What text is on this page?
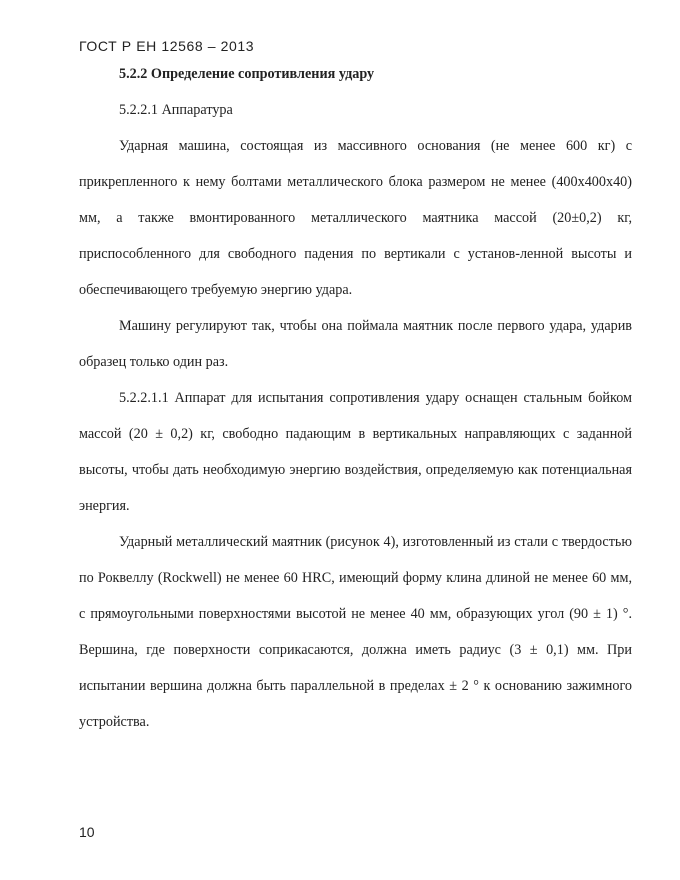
ГОСТ Р ЕН 12568 – 2013

5.2.2 Определение сопротивления удару

5.2.2.1 Аппаратура

Ударная машина, состоящая из массивного основания (не менее 600 кг) с прикрепленного к нему болтами металлического блока размером не менее (400х400х40) мм, а также вмонтированного металлического маятника массой (20±0,2) кг, приспособленного для свободного падения по вертикали с установ-ленной высоты и обеспечивающего требуемую энергию удара.

Машину регулируют так, чтобы она поймала маятник после первого удара, ударив образец только один раз.

5.2.2.1.1 Аппарат для испытания сопротивления удару оснащен стальным бойком массой (20 ± 0,2) кг, свободно падающим в вертикальных направляющих с заданной высоты, чтобы дать необходимую энергию воздействия, определяемую как потенциальная энергия.

Ударный металлический маятник (рисунок 4), изготовленный из стали с твердостью по Роквеллу (Rockwell) не менее 60 HRC, имеющий форму клина длиной не менее 60 мм, с прямоугольными поверхностями высотой не менее 40 мм, образующих угол (90 ± 1) °. Вершина, где поверхности соприкасаются, должна иметь радиус (3 ± 0,1) мм. При испытании вершина должна быть параллельной в пределах ± 2 ° к основанию зажимного устройства.

10
